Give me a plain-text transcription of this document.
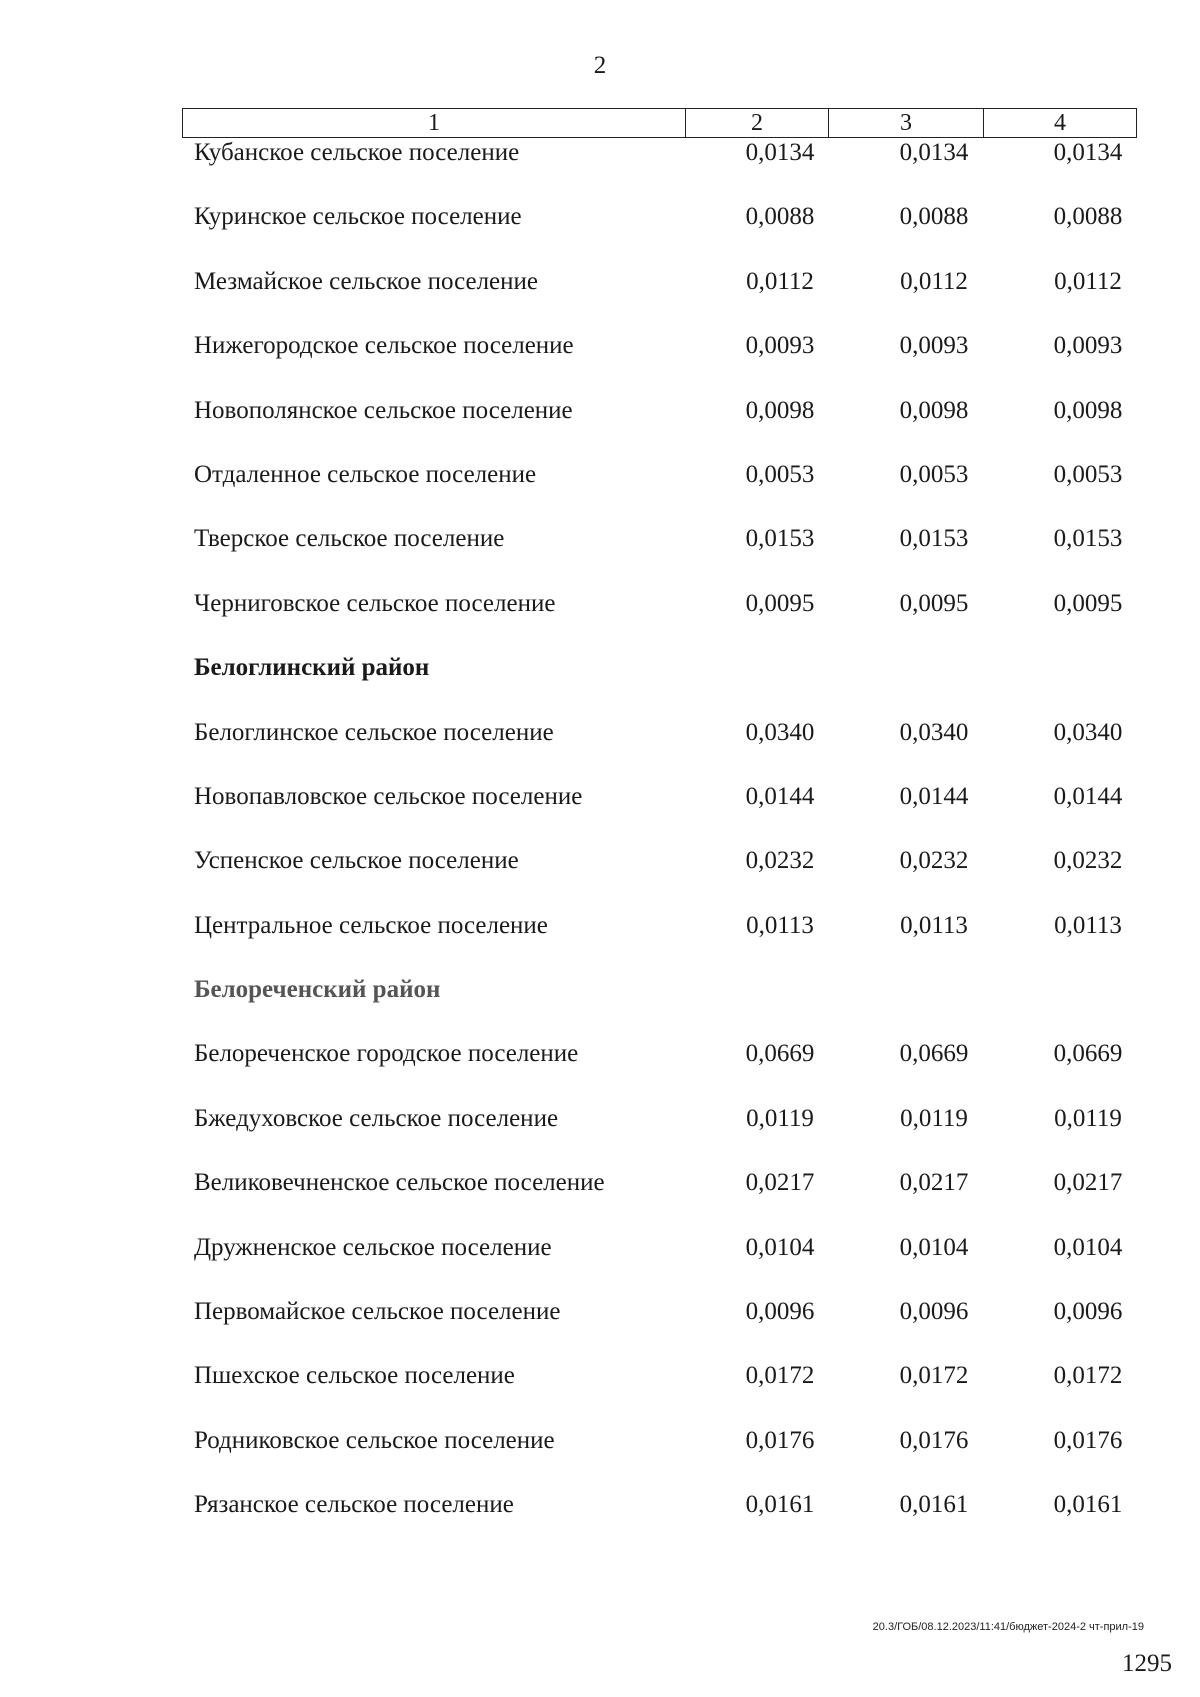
2
1	2	3	4
Кубанское сельское поселение	0,0134	0,0134	0,0134
Куринское сельское поселение	0,0088	0,0088	0,0088
Мезмайское сельское поселение	0,0112	0,0112	0,0112
Нижегородское сельское поселение	0,0093	0,0093	0,0093
Новополянское сельское поселение	0,0098	0,0098	0,0098
Отдаленное сельское поселение	0,0053	0,0053	0,0053
Тверское сельское поселение	0,0153	0,0153	0,0153
Черниговское сельское поселение	0,0095	0,0095	0,0095
Белоглинский район
Белоглинское сельское поселение	0,0340	0,0340	0,0340
Новопавловское сельское поселение	0,0144	0,0144	0,0144
Успенское сельское поселение	0,0232	0,0232	0,0232
Центральное сельское поселение	0,0113	0,0113	0,0113
Белореченский район
Белореченское городское поселение	0,0669	0,0669	0,0669
Бжедуховское сельское поселение	0,0119	0,0119	0,0119
Великовечненское сельское поселение	0,0217	0,0217	0,0217
Дружненское сельское поселение	0,0104	0,0104	0,0104
Первомайское сельское поселение	0,0096	0,0096	0,0096
Пшехское сельское поселение	0,0172	0,0172	0,0172
Родниковское сельское поселение	0,0176	0,0176	0,0176
Рязанское сельское поселение	0,0161	0,0161	0,0161
20.3/ГОБ/08.12.2023/11:41/бюджет-2024-2 чт-прил-19
1295
